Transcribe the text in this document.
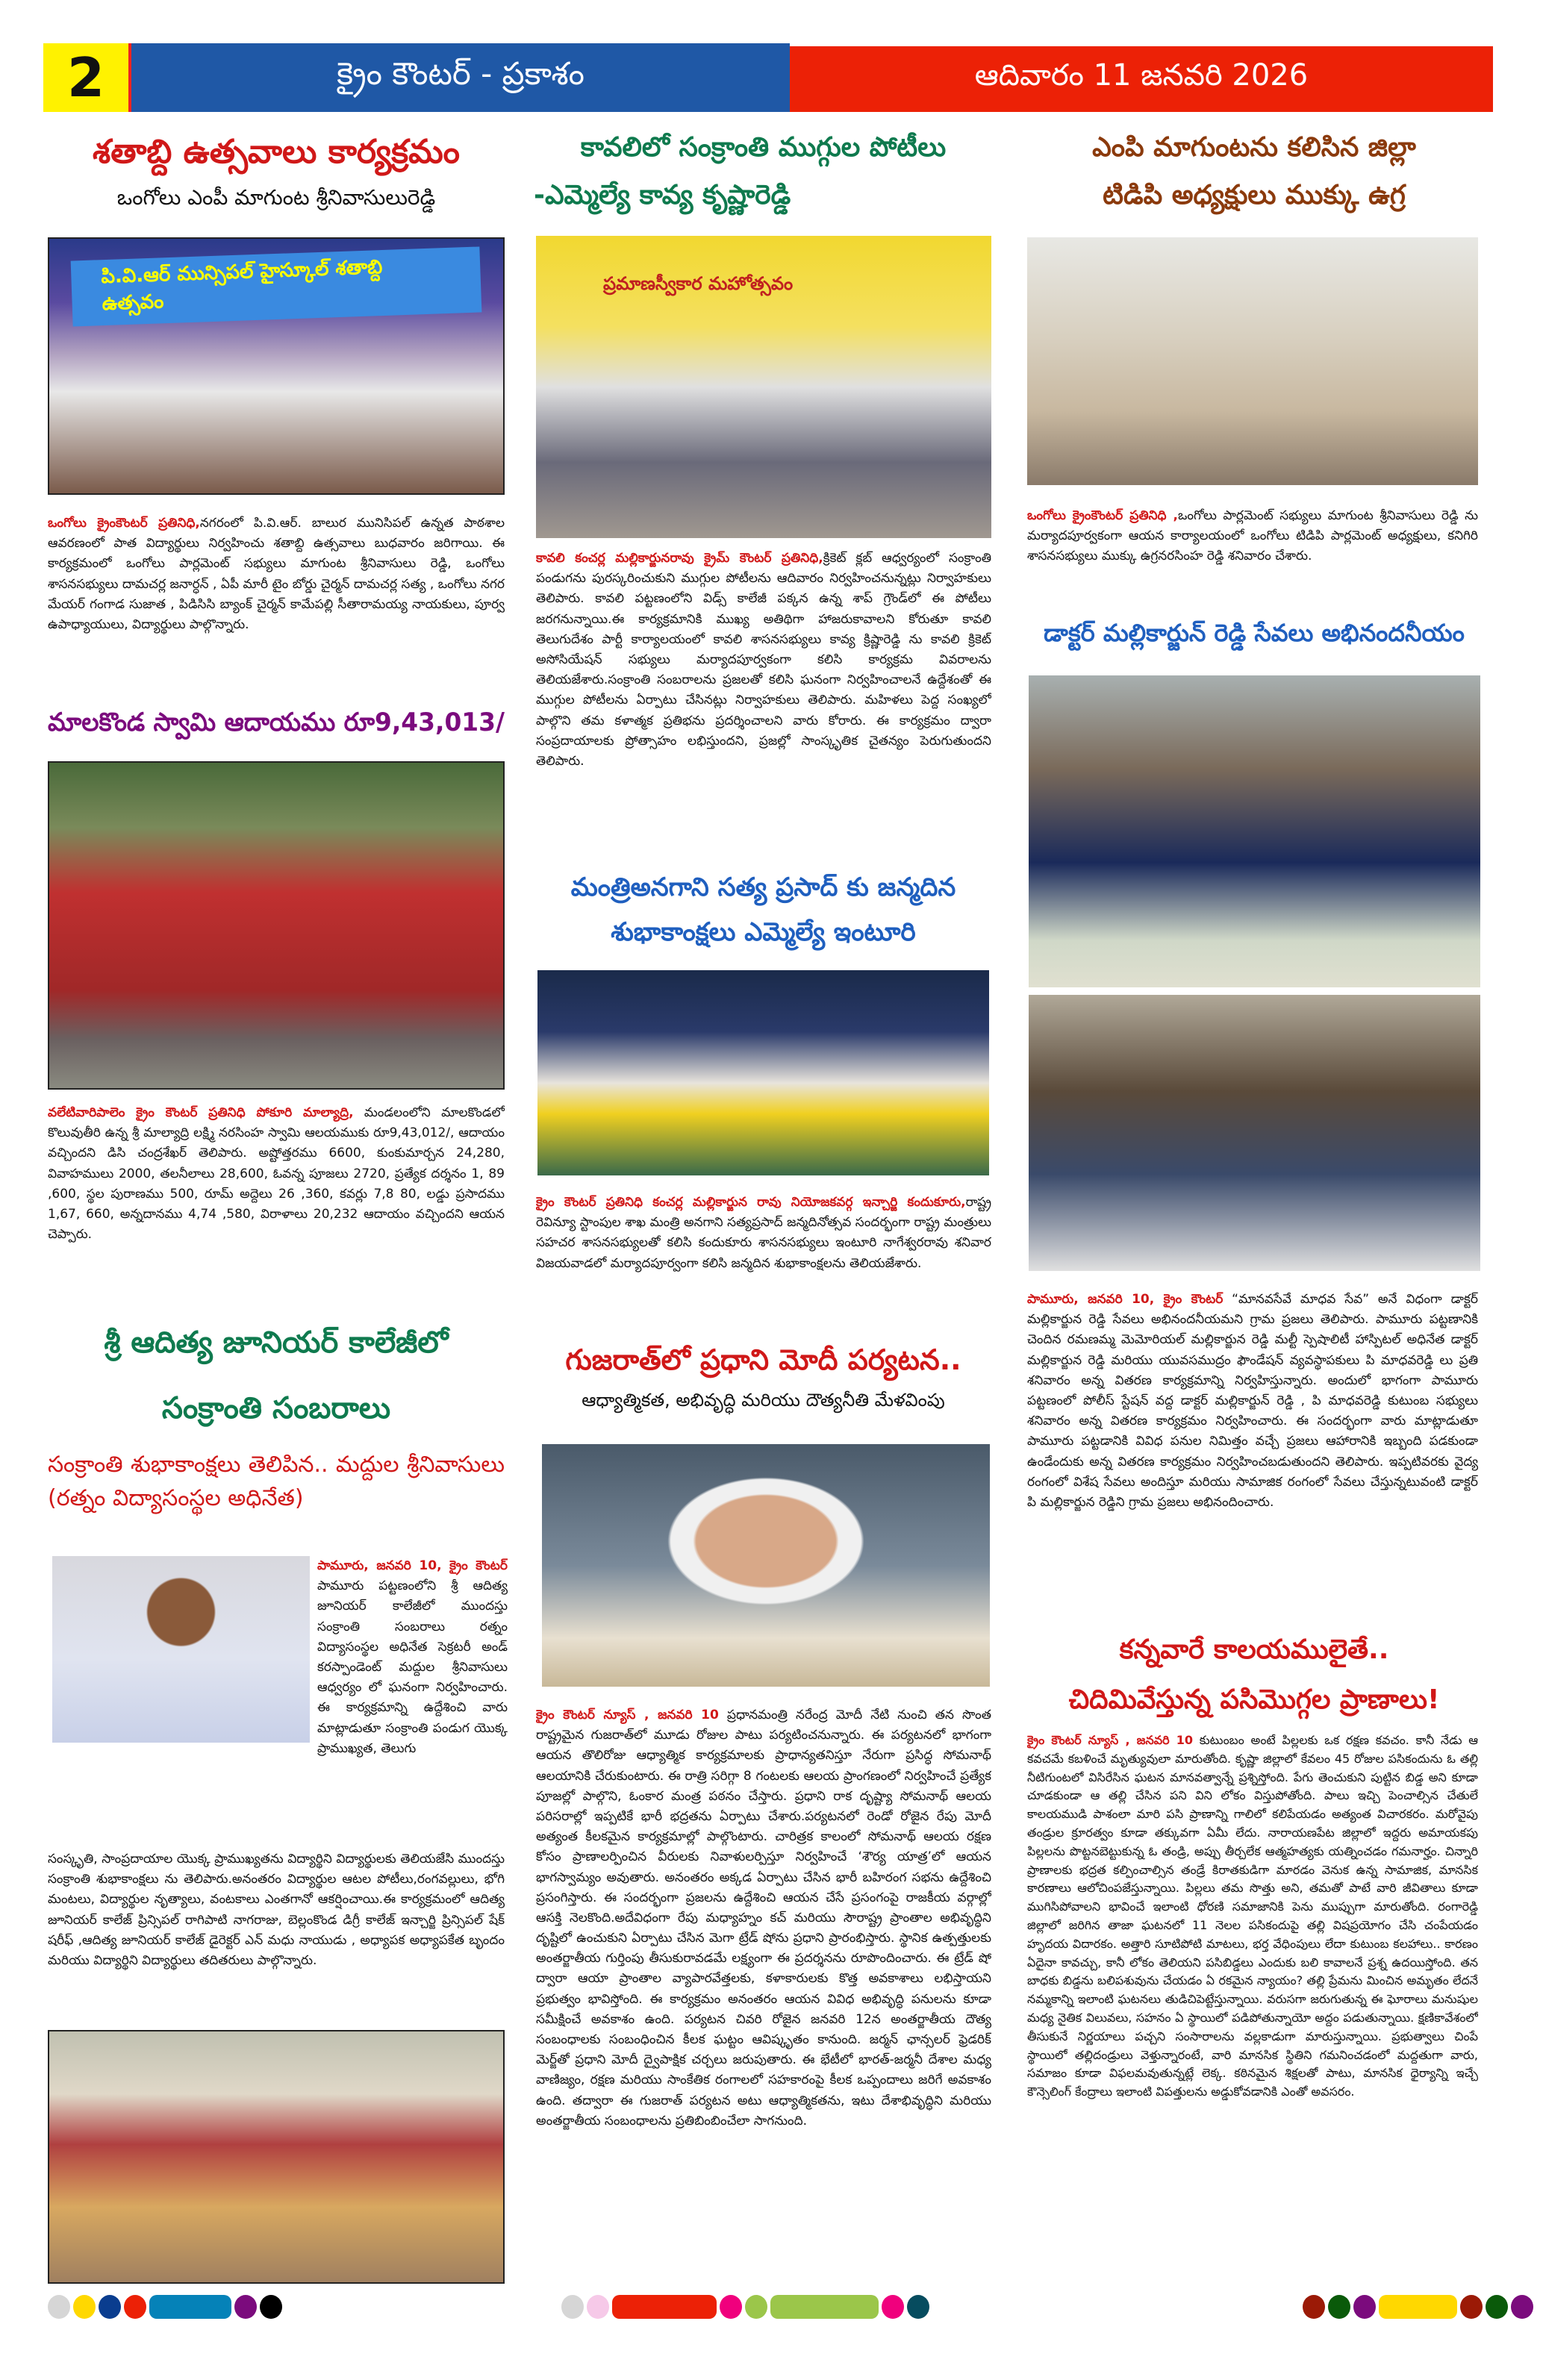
2	క్రైం కౌంటర్ - ప్రకాశం	ఆదివారం 11 జనవరి 2026
శతాబ్ది ఉత్సవాలు కార్యక్రమం
ఒంగోలు ఎంపీ మాగుంట శ్రీనివాసులురెడ్డి
పి.వి.ఆర్ మున్సిపల్ హైస్కూల్ శతాబ్ది ఉత్సవం
ఒంగోలు క్రైంకౌంటర్ ప్రతినిధి,నగరంలో పి.వి.ఆర్. బాలుర మునిసిపల్ ఉన్నత పాఠశాల ఆవరణంలో పాత విద్యార్థులు నిర్వహించు శతాబ్ది ఉత్సవాలు బుధవారం జరిగాయి. ఈ కార్యక్రమంలో ఒంగోలు పార్లమెంట్ సభ్యులు మాగుంట శ్రీనివాసులు రెడ్డి, ఒంగోలు శాసనసభ్యులు దామచర్ల జనార్ధన్ , ఏపీ మారీ టైం బోర్డు చైర్మన్ దామచర్ల సత్య , ఒంగోలు నగర మేయర్ గంగాడ సుజాత , పిడిసిసి బ్యాంక్ చైర్మన్ కామేపల్లి సీతారామయ్య నాయకులు, పూర్వ ఉపాధ్యాయులు, విద్యార్థులు పాల్గొన్నారు.
మాలకొండ స్వామి ఆదాయము రూ9,43,013/
వలేటివారిపాలెం క్రైం కౌంటర్ ప్రతినిధి పోకూరి మాల్యాద్రి, మండలంలోని మాలకొండలో కొలువుతీరి ఉన్న శ్రీ మాల్యాద్రి లక్ష్మి నరసింహ స్వామి ఆలయముకు రూ9,43,012/, ఆదాయం వచ్చిందని డిసి చంద్రశేఖర్ తెలిపారు. అష్టోత్తరము 6600, కుంకుమార్చన 24,280, వివాహములు 2000, తలనీలాలు 28,600, ఓవన్న పూజలు 2720, ప్రత్యేక దర్శనం 1, 89 ,600, స్థల పురాణము 500, రూమ్ అద్దెలు 26 ,360, కవర్లు 7,8 80, లడ్డు ప్రసాదము 1,67, 660, అన్నదానము 4,74 ,580, విరాళాలు 20,232 ఆదాయం వచ్చిందని ఆయన చెప్పారు.
శ్రీ ఆదిత్య జూనియర్ కాలేజీలో
సంక్రాంతి సంబరాలు
సంక్రాంతి శుభాకాంక్షలు తెలిపిన.. మద్దుల శ్రీనివాసులు (రత్నం విద్యాసంస్థల అధినేత)
పామూరు, జనవరి 10, క్రైం కౌంటర్ పామూరు పట్టణంలోని శ్రీ ఆదిత్య జూనియర్ కాలేజీలో ముందస్తు సంక్రాంతి సంబరాలు రత్నం విద్యాసంస్థల అధినేత సెక్రటరీ అండ్ కరస్పాండెంట్ మద్దుల శ్రీనివాసులు ఆధ్వర్యం లో ఘనంగా నిర్వహించారు. ఈ కార్యక్రమాన్ని ఉద్దేశించి వారు మాట్లాడుతూ సంక్రాంతి పండుగ యొక్క ప్రాముఖ్యత, తెలుగు
సంస్కృతి, సాంప్రదాయాల యొక్క ప్రాముఖ్యతను విద్యార్థిని విద్యార్థులకు తెలియజేసి ముందస్తు సంక్రాంతి శుభాకాంక్షలు ను తెలిపారు.అనంతరం విద్యార్థుల ఆటల పోటీలు,రంగవల్లులు, భోగి మంటలు, విద్యార్థుల నృత్యాలు, వంటకాలు ఎంతగానో ఆకర్షించాయి.ఈ కార్యక్రమంలో ఆదిత్య జూనియర్ కాలేజ్ ప్రిన్సిపల్ రాగిపాటి నాగరాజు, బెల్లంకొండ డిగ్రీ కాలేజ్ ఇన్చార్జి ప్రిన్సిపల్ షేక్ షరీఫ్ ,ఆదిత్య జూనియర్ కాలేజ్ డైరెక్టర్ ఎన్ మధు నాయుడు , అధ్యాపక అధ్యాపకేత బృందం మరియు విద్యార్థిని విద్యార్థులు తదితరులు పాల్గొన్నారు.
కావలిలో సంక్రాంతి ముగ్గుల పోటీలు
-ఎమ్మెల్యే కావ్య కృష్ణారెడ్డి
ప్రమాణస్వీకార మహోత్సవం
కావలి కంచర్ల మల్లికార్జునరావు క్రైమ్ కౌంటర్ ప్రతినిధి,క్రికెట్ క్లబ్ ఆధ్వర్యంలో సంక్రాంతి పండుగను పురస్కరించుకుని ముగ్గుల పోటీలను ఆదివారం నిర్వహించనున్నట్లు నిర్వాహకులు తెలిపారు. కావలి పట్టణంలోని విడ్స్ కాలేజీ పక్కన ఉన్న శాప్ గ్రౌండ్‌లో ఈ పోటీలు జరగనున్నాయి.ఈ కార్యక్రమానికి ముఖ్య అతిథిగా హాజరుకావాలని కోరుతూ కావలి తెలుగుదేశం పార్టీ కార్యాలయంలో కావలి శాసనసభ్యులు కావ్య క్రిష్ణారెడ్డి ను కావలి క్రికెట్ అసోసియేషన్ సభ్యులు మర్యాదపూర్వకంగా కలిసి కార్యక్రమ వివరాలను తెలియజేశారు.సంక్రాంతి సంబరాలను ప్రజలతో కలిసి ఘనంగా నిర్వహించాలనే ఉద్దేశంతో ఈ ముగ్గుల పోటీలను ఏర్పాటు చేసినట్లు నిర్వాహకులు తెలిపారు. మహిళలు పెద్ద సంఖ్యలో పాల్గొని తమ కళాత్మక ప్రతిభను ప్రదర్శించాలని వారు కోరారు. ఈ కార్యక్రమం ద్వారా సంప్రదాయాలకు ప్రోత్సాహం లభిస్తుందని, ప్రజల్లో సాంస్కృతిక చైతన్యం పెరుగుతుందని తెలిపారు.
మంత్రిఅనగాని సత్య ప్రసాద్ కు జన్మదిన
శుభాకాంక్షలు ఎమ్మెల్యే ఇంటూరి
క్రైం కౌంటర్ ప్రతినిధి కంచర్ల మల్లికార్జున రావు నియోజకవర్గ ఇన్చార్జి కందుకూరు,రాష్ట్ర రెవిన్యూ స్టాంపుల శాఖ మంత్రి అనగాని సత్యప్రసాద్ జన్మదినోత్సవ సందర్భంగా రాష్ట్ర మంత్రులు సహచర శాసనసభ్యులతో కలిసి కందుకూరు శాసనసభ్యులు ఇంటూరి నాగేశ్వరరావు శనివార విజయవాడలో మర్యాదపూర్వంగా కలిసి జన్మదిన శుభాకాంక్షలను తెలియజేశారు.
గుజరాత్‌లో ప్రధాని మోదీ పర్యటన..
ఆధ్యాత్మికత, అభివృద్ధి మరియు దౌత్యనీతి మేళవింపు
క్రైం కౌంటర్ న్యూస్ , జనవరి 10 ప్రధానమంత్రి నరేంద్ర మోదీ నేటి నుంచి తన సొంత రాష్ట్రమైన గుజరాత్‌లో మూడు రోజుల పాటు పర్యటించనున్నారు. ఈ పర్యటనలో భాగంగా ఆయన తొలిరోజు ఆధ్యాత్మిక కార్యక్రమాలకు ప్రాధాన్యతనిస్తూ నేరుగా ప్రసిద్ధ సోమనాథ్ ఆలయానికి చేరుకుంటారు. ఈ రాత్రి సరిగ్గా 8 గంటలకు ఆలయ ప్రాంగణంలో నిర్వహించే ప్రత్యేక పూజల్లో పాల్గొని, ఓంకార మంత్ర పఠనం చేస్తారు. ప్రధాని రాక దృష్ట్యా సోమనాథ్ ఆలయ పరిసరాల్లో ఇప్పటికే భారీ భద్రతను ఏర్పాటు చేశారు.పర్యటనలో రెండో రోజైన రేపు మోదీ అత్యంత కీలకమైన కార్యక్రమాల్లో పాల్గొంటారు. చారిత్రక కాలంలో సోమనాథ్ ఆలయ రక్షణ కోసం ప్రాణాలర్పించిన వీరులకు నివాళులర్పిస్తూ నిర్వహించే ‘శౌర్య యాత్ర’లో ఆయన భాగస్వామ్యం అవుతారు. అనంతరం అక్కడ ఏర్పాటు చేసిన భారీ బహిరంగ సభను ఉద్దేశించి ప్రసంగిస్తారు. ఈ సందర్భంగా ప్రజలను ఉద్దేశించి ఆయన చేసే ప్రసంగంపై రాజకీయ వర్గాల్లో ఆసక్తి నెలకొంది.అదేవిధంగా రేపు మధ్యాహ్నం కచ్ మరియు సౌరాష్ట్ర ప్రాంతాల అభివృద్ధిని దృష్టిలో ఉంచుకుని ఏర్పాటు చేసిన మెగా ట్రేడ్ షోను ప్రధాని ప్రారంభిస్తారు. స్థానిక ఉత్పత్తులకు అంతర్జాతీయ గుర్తింపు తీసుకురావడమే లక్ష్యంగా ఈ ప్రదర్శనను రూపొందించారు. ఈ ట్రేడ్ షో ద్వారా ఆయా ప్రాంతాల వ్యాపారవేత్తలకు, కళాకారులకు కొత్త అవకాశాలు లభిస్తాయని ప్రభుత్వం భావిస్తోంది. ఈ కార్యక్రమం అనంతరం ఆయన వివిధ అభివృద్ధి పనులను కూడా సమీక్షించే అవకాశం ఉంది. పర్యటన చివరి రోజైన జనవరి 12న అంతర్జాతీయ దౌత్య సంబంధాలకు సంబంధించిన కీలక ఘట్టం ఆవిష్కృతం కానుంది. జర్మన్ ఛాన్సలర్ ఫ్రెడరిక్ మెర్జ్‌తో ప్రధాని మోదీ ద్వైపాక్షిక చర్చలు జరుపుతారు. ఈ భేటీలో భారత్-జర్మనీ దేశాల మధ్య వాణిజ్యం, రక్షణ మరియు సాంకేతిక రంగాలలో సహకారంపై కీలక ఒప్పందాలు జరిగే అవకాశం ఉంది. తద్వారా ఈ గుజరాత్ పర్యటన అటు ఆధ్యాత్మికతను, ఇటు దేశాభివృద్ధిని మరియు అంతర్జాతీయ సంబంధాలను ప్రతిబింబించేలా సాగనుంది.
ఎంపి మాగుంటను కలిసిన జిల్లా
టిడిపి అధ్యక్షులు ముక్కు ఉగ్ర
ఒంగోలు క్రైంకౌంటర్ ప్రతినిధి ,ఒంగోలు పార్లమెంట్ సభ్యులు మాగుంట శ్రీనివాసులు రెడ్డి ను మర్యాదపూర్వకంగా ఆయన కార్యాలయంలో ఒంగోలు టిడిపి పార్లమెంట్ అధ్యక్షులు, కనిగిరి శాసనసభ్యులు ముక్కు ఉగ్రనరసింహ రెడ్డి శనివారం చేశారు.
డాక్టర్ మల్లికార్జున్ రెడ్డి సేవలు అభినందనీయం
పామూరు, జనవరి 10, క్రైం కౌంటర్ “మానవసేవే మాధవ సేవ” అనే విధంగా డాక్టర్ మల్లికార్జున రెడ్డి సేవలు అభినందనీయమని గ్రామ ప్రజలు తెలిపారు. పామూరు పట్టణానికి చెందిన రమణమ్మ మెమోరియల్ మల్లికార్జున రెడ్డి మల్టీ స్పెషాలిటీ హాస్పిటల్ అధినేత డాక్టర్ మల్లికార్జున రెడ్డి మరియు యువసముద్రం ఫౌండేషన్ వ్యవస్థాపకులు పి మాధవరెడ్డి లు ప్రతి శనివారం అన్న వితరణ కార్యక్రమాన్ని నిర్వహిస్తున్నారు. అందులో భాగంగా పామూరు పట్టణంలో పోలీస్ స్టేషన్ వద్ద డాక్టర్ మల్లికార్జున్ రెడ్డి , పి మాధవరెడ్డి కుటుంబ సభ్యులు శనివారం అన్న వితరణ కార్యక్రమం నిర్వహించారు. ఈ సందర్భంగా వారు మాట్లాడుతూ పామూరు పట్టడానికి వివిధ పనుల నిమిత్తం వచ్చే ప్రజలు ఆహారానికి ఇబ్బంది పడకుండా ఉండేందుకు అన్న వితరణ కార్యక్రమం నిర్వహించబడుతుందని తెలిపారు. ఇప్పటివరకు వైద్య రంగంలో విశేష సేవలు అందిస్తూ మరియు సామాజిక రంగంలో సేవలు చేస్తున్నటువంటి డాక్టర్ పి మల్లికార్జున రెడ్డిని గ్రామ ప్రజలు అభినందించారు.
కన్నవారే కాలయములైతే..
చిదిమివేస్తున్న పసిమొగ్గల ప్రాణాలు!
క్రైం కౌంటర్ న్యూస్ , జనవరి 10 కుటుంబం అంటే పిల్లలకు ఒక రక్షణ కవచం. కానీ నేడు ఆ కవచమే కబళించే మృత్యువులా మారుతోంది. కృష్ణా జిల్లాలో కేవలం 45 రోజుల పసికందును ఓ తల్లి నీటిగుంటలో విసిరేసిన ఘటన మానవత్వాన్నే ప్రశ్నిస్తోంది. పేగు తెంచుకుని పుట్టిన బిడ్డ అని కూడా చూడకుండా ఆ తల్లి చేసిన పని విని లోకం విస్తుపోతోంది. పాలు ఇచ్చి పెంచాల్సిన చేతులే కాలయముడి పాశంలా మారి పసి ప్రాణాన్ని గాలిలో కలిపేయడం అత్యంత విచారకరం. మరోవైపు తండ్రుల క్రూరత్వం కూడా తక్కువగా ఏమీ లేదు. నారాయణపేట జిల్లాలో ఇద్దరు అమాయకపు పిల్లలను పొట్టనబెట్టుకున్న ఓ తండ్రి, అప్పు తీర్చలేక ఆత్మహత్యకు యత్నించడం గమనార్హం. చిన్నారి ప్రాణాలకు భద్రత కల్పించాల్సిన తండ్రే కిరాతకుడిగా మారడం వెనుక ఉన్న సామాజిక, మానసిక కారణాలు ఆలోచింపజేస్తున్నాయి. పిల్లలు తమ సొత్తు అని, తమతో పాటే వారి జీవితాలు కూడా ముగిసిపోవాలని భావించే ఇలాంటి ధోరణి సమాజానికి పెను ముప్పుగా మారుతోంది. రంగారెడ్డి జిల్లాలో జరిగిన తాజా ఘటనలో 11 నెలల పసికందుపై తల్లి విషప్రయోగం చేసి చంపేయడం హృదయ విదారకం. అత్తారి సూటిపోటి మాటలు, భర్త వేధింపులు లేదా కుటుంబ కలహాలు.. కారణం ఏదైనా కావచ్చు, కానీ లోకం తెలియని పసిబిడ్డలు ఎందుకు బలి కావాలనే ప్రశ్న ఉదయిస్తోంది. తన బాధకు బిడ్డను బలిపశువును చేయడం ఏ రకమైన న్యాయం? తల్లి ప్రేమను మించిన అమృతం లేదనే నమ్మకాన్ని ఇలాంటి ఘటనలు తుడిచిపెట్టేస్తున్నాయి. వరుసగా జరుగుతున్న ఈ ఘోరాలు మనుషుల మధ్య నైతిక విలువలు, సహనం ఏ స్థాయిలో పడిపోతున్నాయో అద్దం పడుతున్నాయి. క్షణికావేశంలో తీసుకునే నిర్ణయాలు పచ్చని సంసారాలను వల్లకాడుగా మారుస్తున్నాయి. ప్రభుత్వాలు చింపే స్థాయిలో తల్లిదండ్రులు వెళ్తున్నారంటే, వారి మానసిక స్థితిని గమనించడంలో మద్దతుగా వారు, సమాజం కూడా విఫలమవుతున్నట్లే లెక్క. కఠినమైన శిక్షలతో పాటు, మానసిక ధైర్యాన్ని ఇచ్చే కౌన్సెలింగ్ కేంద్రాలు ఇలాంటి విపత్తులను అడ్డుకోవడానికి ఎంతో అవసరం.
